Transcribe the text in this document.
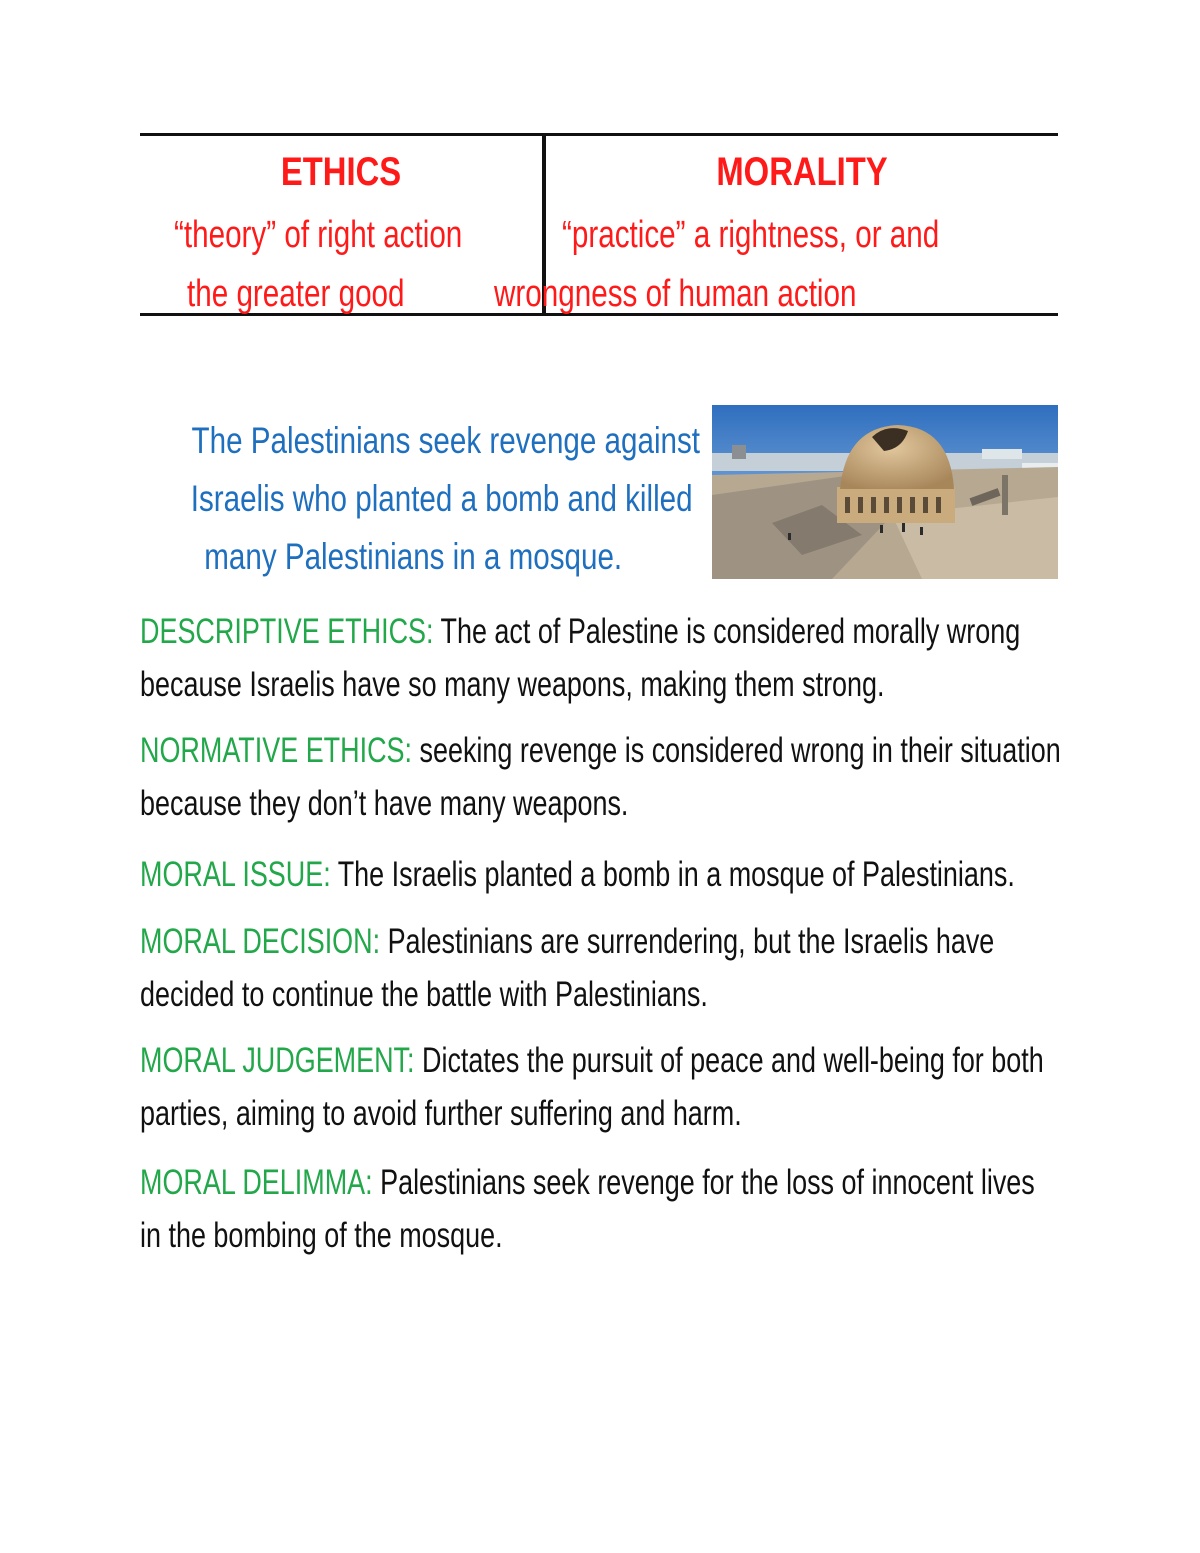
ETHICS

“theory” of right action

the greater good

MORALITY

“practice” a rightness, or and

wrongness of human action

The Palestinians seek revenge against
Israelis who planted a bomb and killed
many Palestinians in a mosque.

DESCRIPTIVE ETHICS: The act of Palestine is considered morally wrong
because Israelis have so many weapons, making them strong.
NORMATIVE ETHICS: seeking revenge is considered wrong in their situation
because they don’t have many weapons.
MORAL ISSUE: The Israelis planted a bomb in a mosque of Palestinians.
MORAL DECISION: Palestinians are surrendering, but the Israelis have
decided to continue the battle with Palestinians.
MORAL JUDGEMENT: Dictates the pursuit of peace and well-being for both
parties, aiming to avoid further suffering and harm.
MORAL DELIMMA: Palestinians seek revenge for the loss of innocent lives
in the bombing of the mosque.
